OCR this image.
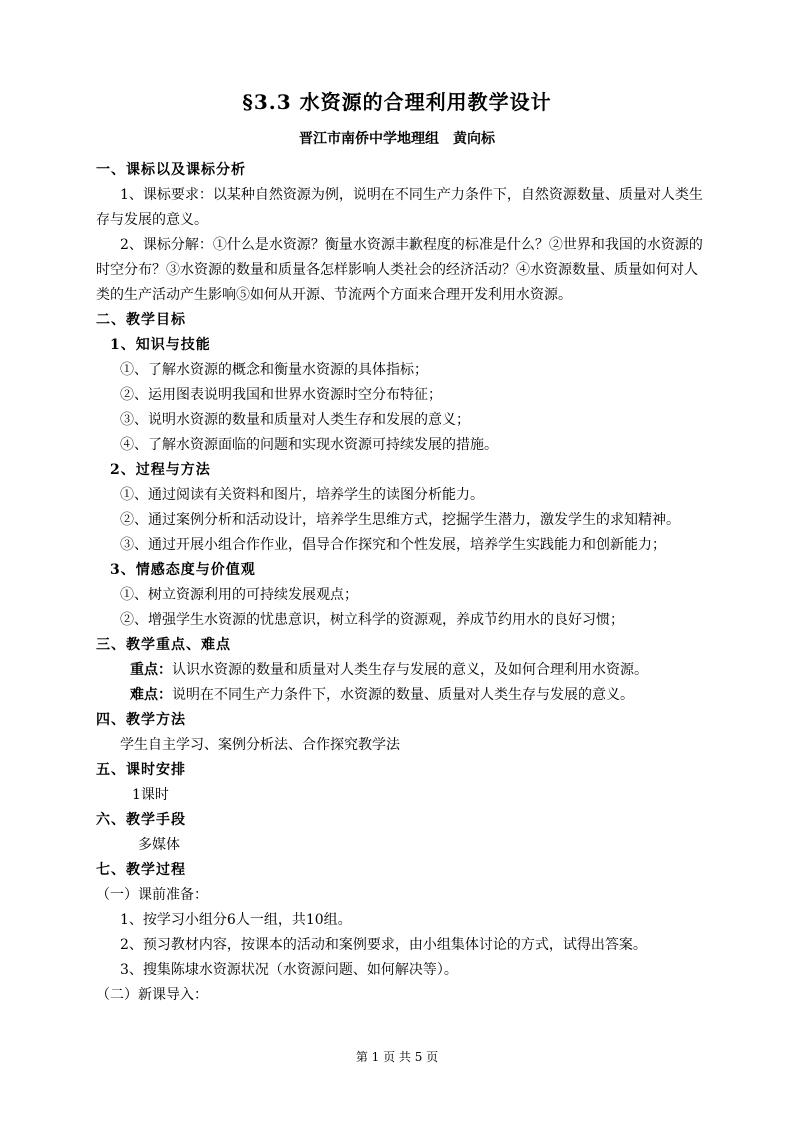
§3.3 水资源的合理利用教学设计
晋江市南侨中学地理组　黄向标
一、课标以及课标分析
1、课标要求：以某种自然资源为例，说明在不同生产力条件下，自然资源数量、质量对人类生
存与发展的意义。
2、课标分解：①什么是水资源？衡量水资源丰歉程度的标准是什么？②世界和我国的水资源的
时空分布？③水资源的数量和质量各怎样影响人类社会的经济活动？④水资源数量、质量如何对人
类的生产活动产生影响⑤如何从开源、节流两个方面来合理开发利用水资源。
二、教学目标
1、知识与技能
①、了解水资源的概念和衡量水资源的具体指标；
②、运用图表说明我国和世界水资源时空分布特征；
③、说明水资源的数量和质量对人类生存和发展的意义；
④、了解水资源面临的问题和实现水资源可持续发展的措施。
2、过程与方法
①、通过阅读有关资料和图片，培养学生的读图分析能力。
②、通过案例分析和活动设计，培养学生思维方式，挖掘学生潜力，激发学生的求知精神。
③、通过开展小组合作作业，倡导合作探究和个性发展，培养学生实践能力和创新能力；
3、情感态度与价值观
①、树立资源利用的可持续发展观点；
②、增强学生水资源的忧患意识，树立科学的资源观，养成节约用水的良好习惯；
三、教学重点、难点
重点：认识水资源的数量和质量对人类生存与发展的意义，及如何合理利用水资源。
难点：说明在不同生产力条件下，水资源的数量、质量对人类生存与发展的意义。
四、教学方法
学生自主学习、案例分析法、合作探究教学法
五、课时安排
1课时
六、教学手段
多媒体
七、教学过程
（一）课前准备：
1、按学习小组分6人一组，共10组。
2、预习教材内容，按课本的活动和案例要求，由小组集体讨论的方式，试得出答案。
3、搜集陈埭水资源状况（水资源问题、如何解决等）。
（二）新课导入：
第 1 页 共 5 页
